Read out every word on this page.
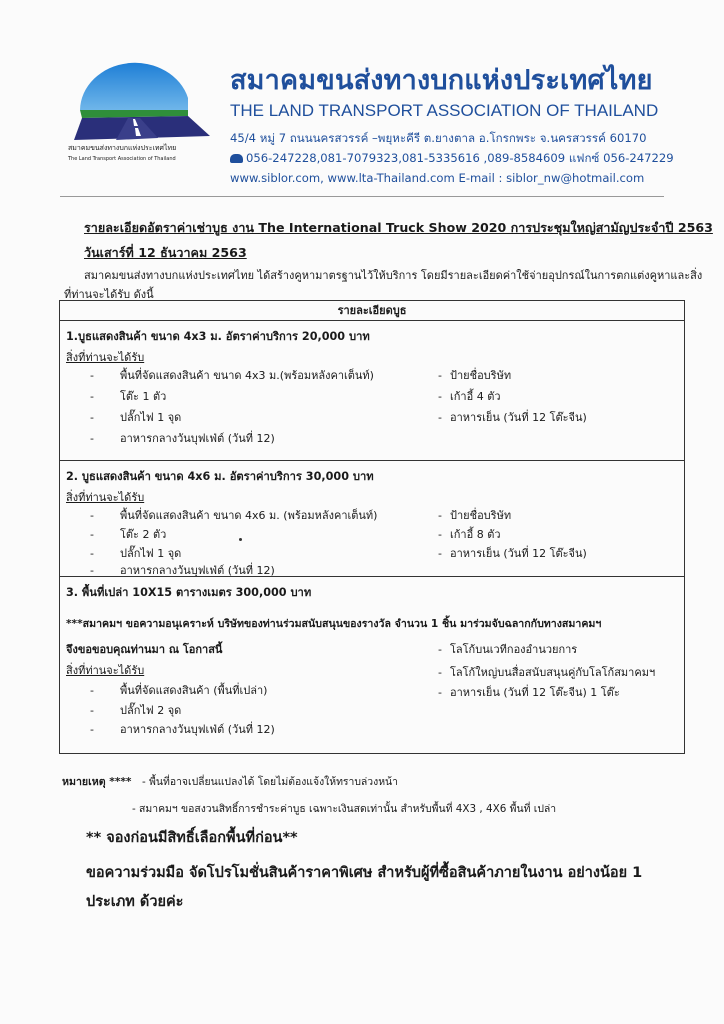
สมาคมขนส่งทางบกแห่งประเทศไทย
The Land Transport Association of Thailand
สมาคมขนส่งทางบกแห่งประเทศไทย
THE LAND TRANSPORT ASSOCIATION OF THAILAND
45/4 หมู่ 7 ถนนนครสวรรค์ –พยุหะคีรี ต.ยางตาล อ.โกรกพระ จ.นครสวรรค์ 60170
056-247228,081-7079323,081-5335616 ,089-8584609 แฟกซ์ 056-247229
www.siblor.com, www.lta-Thailand.com E-mail : siblor_nw@hotmail.com
รายละเอียดอัตราค่าเช่าบูธ งาน The International Truck Show 2020 การประชุมใหญ่สามัญประจำปี 2563
วันเสาร์ที่ 12 ธันวาคม 2563
สมาคมขนส่งทางบกแห่งประเทศไทย ได้สร้างคูหามาตรฐานไว้ให้บริการ โดยมีรายละเอียดค่าใช้จ่ายอุปกรณ์ในการตกแต่งคูหาและสิ่งที่ท่านจะได้รับ ดังนี้
รายละเอียดบูธ
1.บูธแสดงสินค้า ขนาด 4x3 ม. อัตราค่าบริการ 20,000 บาท
สิ่งที่ท่านจะได้รับ
- พื้นที่จัดแสดงสินค้า ขนาด 4x3 ม.(พร้อมหลังคาเต็นท์)
- โต๊ะ 1 ตัว
- ปลั๊กไฟ 1 จุด
- อาหารกลางวันบุฟเฟ่ต์ (วันที่ 12)
- ป้ายชื่อบริษัท
- เก้าอี้ 4 ตัว
- อาหารเย็น (วันที่ 12 โต๊ะจีน)
2. บูธแสดงสินค้า ขนาด 4x6 ม. อัตราค่าบริการ 30,000 บาท
สิ่งที่ท่านจะได้รับ
- พื้นที่จัดแสดงสินค้า ขนาด 4x6 ม. (พร้อมหลังคาเต็นท์)
- โต๊ะ 2 ตัว
- ปลั๊กไฟ 1 จุด
- อาหารกลางวันบุฟเฟ่ต์ (วันที่ 12)
- ป้ายชื่อบริษัท
- เก้าอี้ 8 ตัว
- อาหารเย็น (วันที่ 12 โต๊ะจีน)
3. พื้นที่เปล่า 10X15 ตารางเมตร 300,000 บาท
***สมาคมฯ ขอความอนุเคราะห์ บริษัทของท่านร่วมสนับสนุนของรางวัล จำนวน 1 ชิ้น มาร่วมจับฉลากกับทางสมาคมฯ
จึงขอขอบคุณท่านมา ณ โอกาสนี้
สิ่งที่ท่านจะได้รับ
- พื้นที่จัดแสดงสินค้า (พื้นที่เปล่า)
- ปลั๊กไฟ 2 จุด
- อาหารกลางวันบุฟเฟ่ต์ (วันที่ 12)
- โลโก้บนเวทีกองอำนวยการ
- โลโก้ใหญ่บนสื่อสนับสนุนคู่กับโลโก้สมาคมฯ
- อาหารเย็น (วันที่ 12 โต๊ะจีน) 1 โต๊ะ
หมายเหตุ **** - พื้นที่อาจเปลี่ยนแปลงได้ โดยไม่ต้องแจ้งให้ทราบล่วงหน้า
- สมาคมฯ ขอสงวนสิทธิ์การชำระค่าบูธ เฉพาะเงินสดเท่านั้น สำหรับพื้นที่ 4X3 , 4X6 พื้นที่ เปล่า
** จองก่อนมีสิทธิ์เลือกพื้นที่ก่อน**
ขอความร่วมมือ จัดโปรโมชั่นสินค้าราคาพิเศษ สำหรับผู้ที่ซื้อสินค้าภายในงาน อย่างน้อย 1
ประเภท ด้วยค่ะ
